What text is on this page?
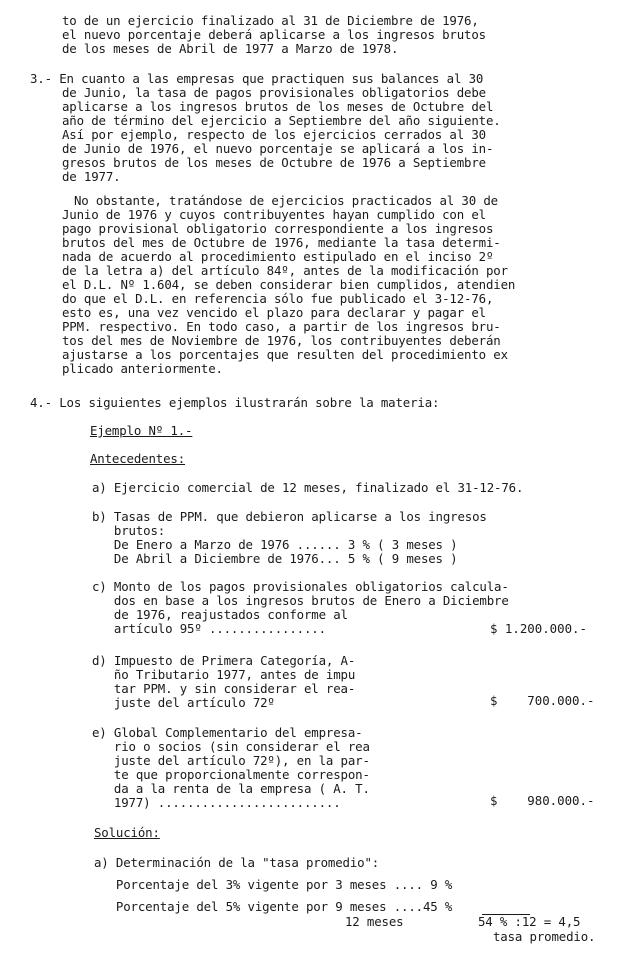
to de un ejercicio finalizado al 31 de Diciembre de 1976,
el nuevo porcentaje deberá aplicarse a los ingresos brutos
de los meses de Abril de 1977 a Marzo de 1978.
3.- En cuanto a las empresas que practiquen sus balances al 30
de Junio, la tasa de pagos provisionales obligatorios debe
aplicarse a los ingresos brutos de los meses de Octubre del
año de término del ejercicio a Septiembre del año siguiente.
Así por ejemplo, respecto de los ejercicios cerrados al 30
de Junio de 1976, el nuevo porcentaje se aplicará a los in-
gresos brutos de los meses de Octubre de 1976 a Septiembre
de 1977.
No obstante, tratándose de ejercicios practicados al 30 de
Junio de 1976 y cuyos contribuyentes hayan cumplido con el
pago provisional obligatorio correspondiente a los ingresos
brutos del mes de Octubre de 1976, mediante la tasa determi-
nada de acuerdo al procedimiento estipulado en el inciso 2º
de la letra a) del artículo 84º, antes de la modificación por
el D.L. Nº 1.604, se deben considerar bien cumplidos, atendien
do que el D.L. en referencia sólo fue publicado el 3-12-76,
esto es, una vez vencido el plazo para declarar y pagar el
PPM. respectivo. En todo caso, a partir de los ingresos bru-
tos del mes de Noviembre de 1976, los contribuyentes deberán
ajustarse a los porcentajes que resulten del procedimiento ex
plicado anteriormente.
4.- Los siguientes ejemplos ilustrarán sobre la materia:
Ejemplo Nº 1.-
Antecedentes:
a) Ejercicio comercial de 12 meses, finalizado el 31-12-76.
b) Tasas de PPM. que debieron aplicarse a los ingresos
brutos:
De Enero a Marzo de 1976 ...... 3 % ( 3 meses )
De Abril a Diciembre de 1976... 5 % ( 9 meses )
c) Monto de los pagos provisionales obligatorios calcula-
dos en base a los ingresos brutos de Enero a Diciembre
de 1976, reajustados conforme al
artículo 95º ................	$ 1.200.000.-
d) Impuesto de Primera Categoría, A-
ño Tributario 1977, antes de impu
tar PPM. y sin considerar el rea-
juste del artículo 72º	$    700.000.-
e) Global Complementario del empresa-
rio o socios (sin considerar el rea
juste del artículo 72º), en la par-
te que proporcionalmente correspon-
da a la renta de la empresa ( A. T.
1977) .........................	$    980.000.-
Solución:
a) Determinación de la "tasa promedio":
Porcentaje del 3% vigente por 3 meses .... 9 %
Porcentaje del 5% vigente por 9 meses ....45 %
12 meses	54 % :12 = 4,5
tasa promedio.
